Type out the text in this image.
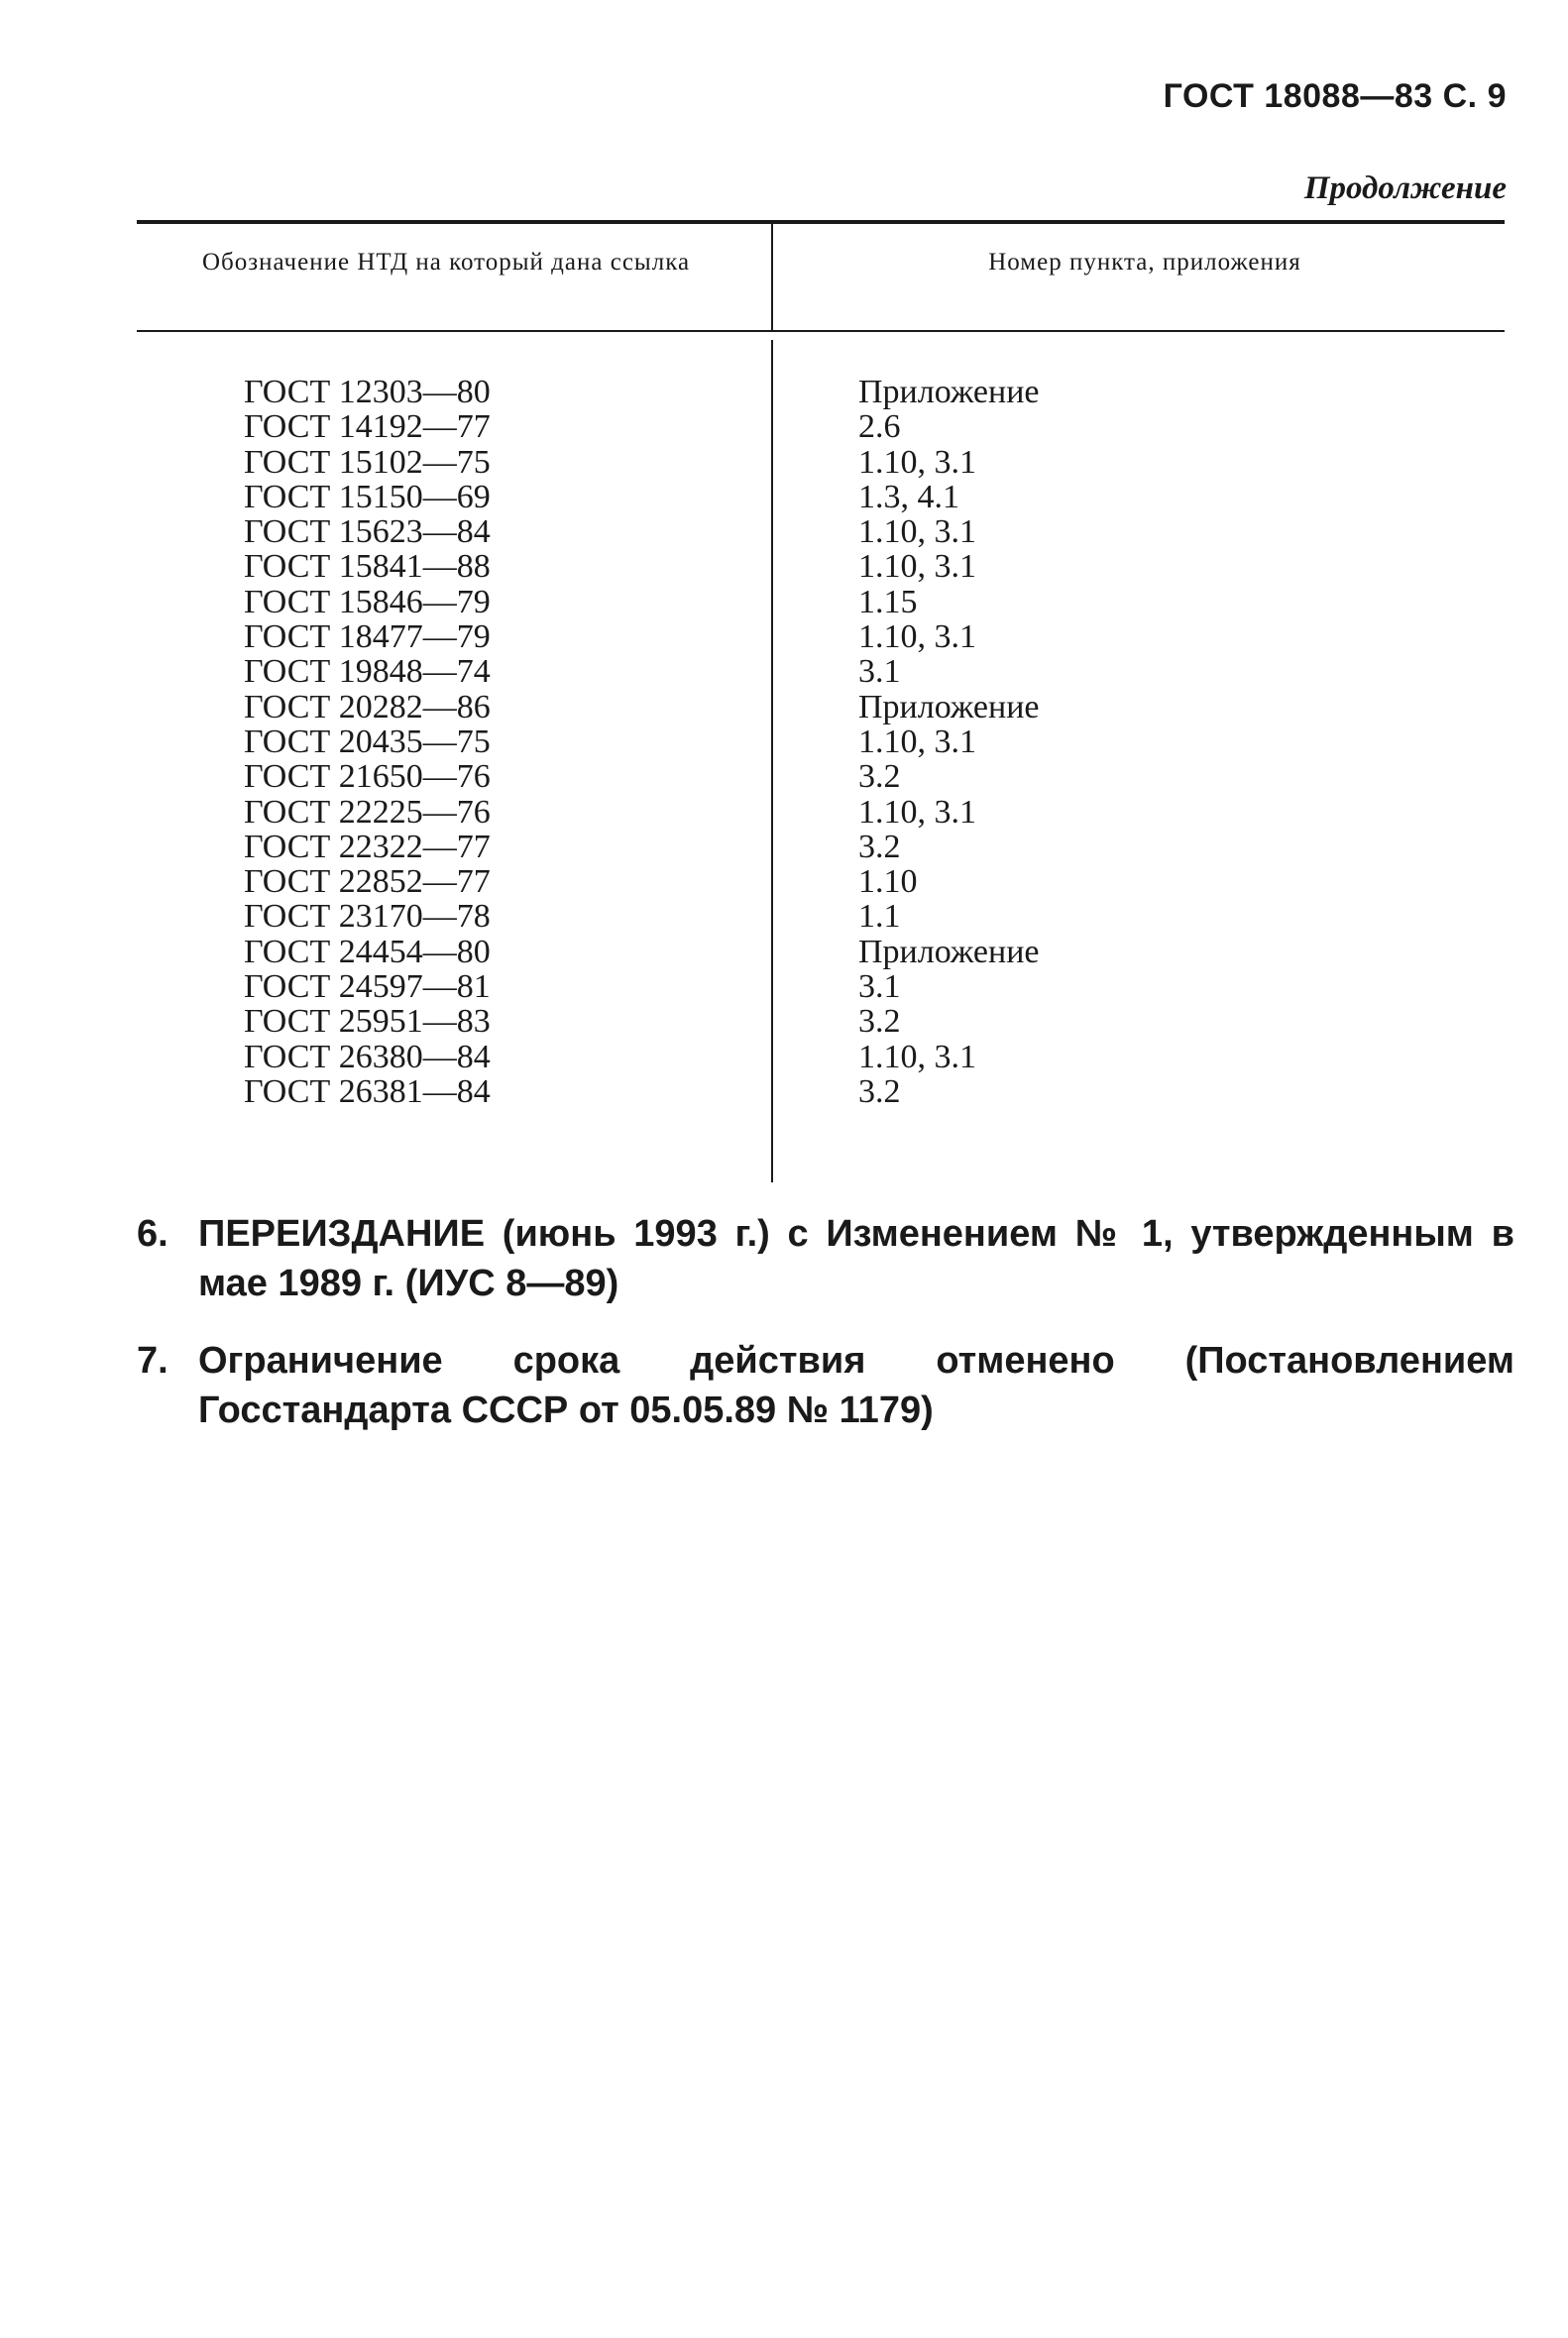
ГОСТ 18088—83 С. 9
Продолжение
Обозначение НТД на который дана ссылка	Номер пункта, приложения
ГОСТ 12303—80
ГОСТ 14192—77
ГОСТ 15102—75
ГОСТ 15150—69
ГОСТ 15623—84
ГОСТ 15841—88
ГОСТ 15846—79
ГОСТ 18477—79
ГОСТ 19848—74
ГОСТ 20282—86
ГОСТ 20435—75
ГОСТ 21650—76
ГОСТ 22225—76
ГОСТ 22322—77
ГОСТ 22852—77
ГОСТ 23170—78
ГОСТ 24454—80
ГОСТ 24597—81
ГОСТ 25951—83
ГОСТ 26380—84
ГОСТ 26381—84
Приложение
2.6
1.10, 3.1
1.3, 4.1
1.10, 3.1
1.10, 3.1
1.15
1.10, 3.1
3.1
Приложение
1.10, 3.1
3.2
1.10, 3.1
3.2
1.10
1.1
Приложение
3.1
3.2
1.10, 3.1
3.2
6. ПЕРЕИЗДАНИЕ (июнь 1993 г.) с Изменением № 1, утвержденным в мае 1989 г. (ИУС 8—89)
7. Ограничение срока действия отменено (Постановлением Госстандарта СССР от 05.05.89 № 1179)
